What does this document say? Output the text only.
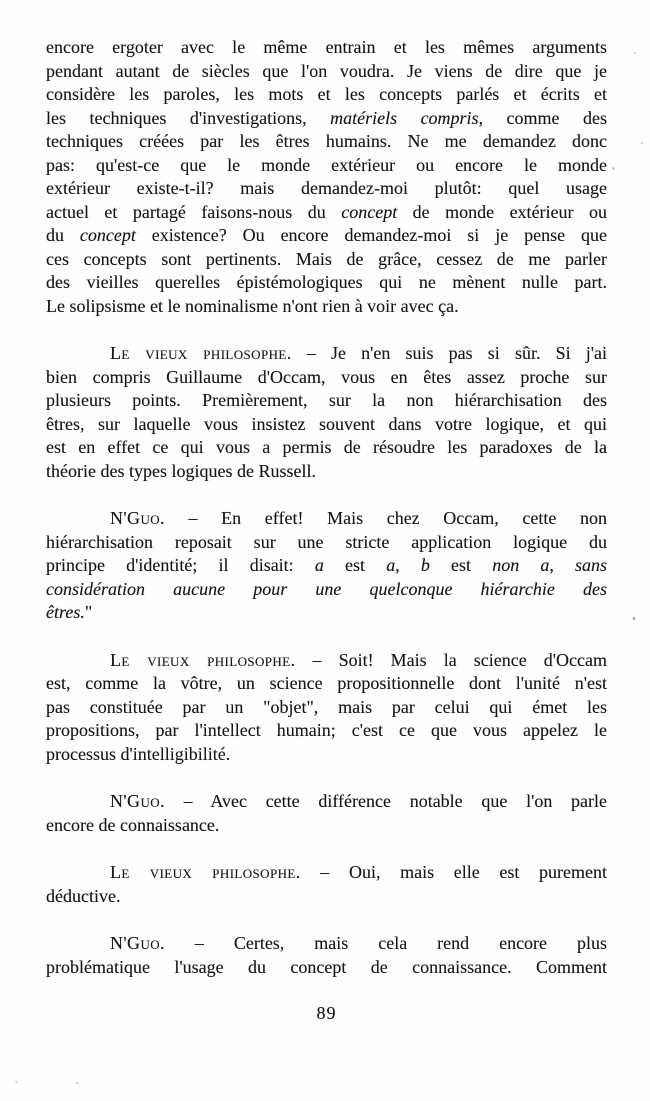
encore ergoter avec le même entrain et les mêmes arguments
pendant autant de siècles que l'on voudra. Je viens de dire que je
considère les paroles, les mots et les concepts parlés et écrits et
les techniques d'investigations, matériels compris, comme des
techniques créées par les êtres humains. Ne me demandez donc
pas: qu'est-ce que le monde extérieur ou encore le monde
extérieur existe-t-il? mais demandez-moi plutôt: quel usage
actuel et partagé faisons-nous du concept de monde extérieur ou
du concept existence? Ou encore demandez-moi si je pense que
ces concepts sont pertinents. Mais de grâce, cessez de me parler
des vieilles querelles épistémologiques qui ne mènent nulle part.
Le solipsisme et le nominalisme n'ont rien à voir avec ça.
Le vieux philosophe. – Je n'en suis pas si sûr. Si j'ai
bien compris Guillaume d'Occam, vous en êtes assez proche sur
plusieurs points. Premièrement, sur la non hiérarchisation des
êtres, sur laquelle vous insistez souvent dans votre logique, et qui
est en effet ce qui vous a permis de résoudre les paradoxes de la
théorie des types logiques de Russell.
N'Guo. – En effet! Mais chez Occam, cette non
hiérarchisation reposait sur une stricte application logique du
principe d'identité; il disait: a est a, b est non a, sans
considération aucune pour une quelconque hiérarchie des
êtres."
Le vieux philosophe. – Soit! Mais la science d'Occam
est, comme la vôtre, un science propositionnelle dont l'unité n'est
pas constituée par un "objet", mais par celui qui émet les
propositions, par l'intellect humain; c'est ce que vous appelez le
processus d'intelligibilité.
N'Guo. – Avec cette différence notable que l'on parle
encore de connaissance.
Le vieux philosophe. – Oui, mais elle est purement
déductive.
N'Guo. – Certes, mais cela rend encore plus
problématique l'usage du concept de connaissance. Comment
89
